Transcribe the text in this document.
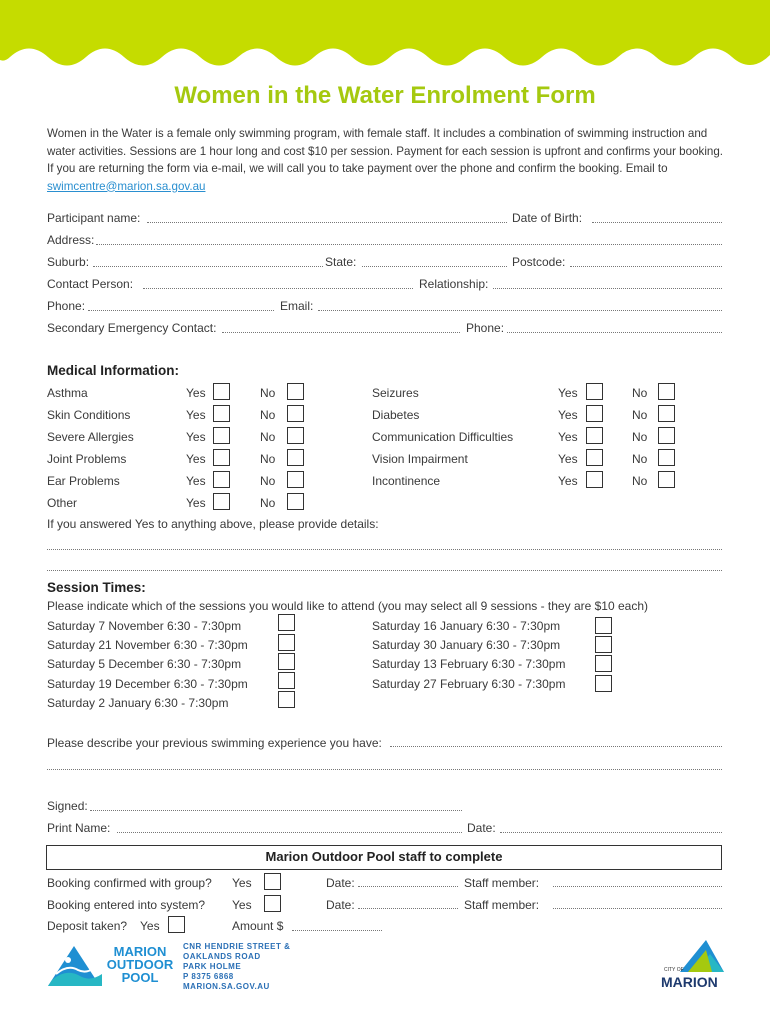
Women in the Water Enrolment Form
Women in the Water is a female only swimming program, with female staff. It includes a combination of swimming instruction and water activities. Sessions are 1 hour long and cost $10 per session. Payment for each session is upfront and confirms your booking. If you are returning the form via e-mail, we will call you to take payment over the phone and confirm the booking. Email to swimcentre@marion.sa.gov.au
Participant name:	Date of Birth:
Address:
Suburb:	State:	Postcode:
Contact Person:	Relationship:
Phone:	Email:
Secondary Emergency Contact:	Phone:
Medical Information:
Asthma	Yes	No
Skin Conditions	Yes	No
Severe Allergies	Yes	No
Joint Problems	Yes	No
Ear Problems	Yes	No
Other	Yes	No
Seizures	Yes	No
Diabetes	Yes	No
Communication Difficulties	Yes	No
Vision Impairment	Yes	No
Incontinence	Yes	No
If you answered Yes to anything above, please provide details:
Session Times:
Please indicate which of the sessions you would like to attend (you may select all 9 sessions - they are $10 each)
Saturday 7 November 6:30 - 7:30pm
Saturday 21 November 6:30 - 7:30pm
Saturday 5 December 6:30 - 7:30pm
Saturday 19 December 6:30 - 7:30pm
Saturday 2 January 6:30 - 7:30pm
Saturday 16 January 6:30 - 7:30pm
Saturday 30 January 6:30 - 7:30pm
Saturday 13 February 6:30 - 7:30pm
Saturday 27 February 6:30 - 7:30pm
Please describe your previous swimming experience you have:
Signed:
Print Name:	Date:
Marion Outdoor Pool staff to complete
Booking confirmed with group? Yes	Date:	Staff member:
Booking entered into system? Yes	Date:	Staff member:
Deposit taken? Yes	Amount $
MARION
OUTDOOR
POOL
CNR HENDRIE STREET &
OAKLANDS ROAD
PARK HOLME
P 8375 6868
MARION.SA.GOV.AU
CITY OF
MARION
